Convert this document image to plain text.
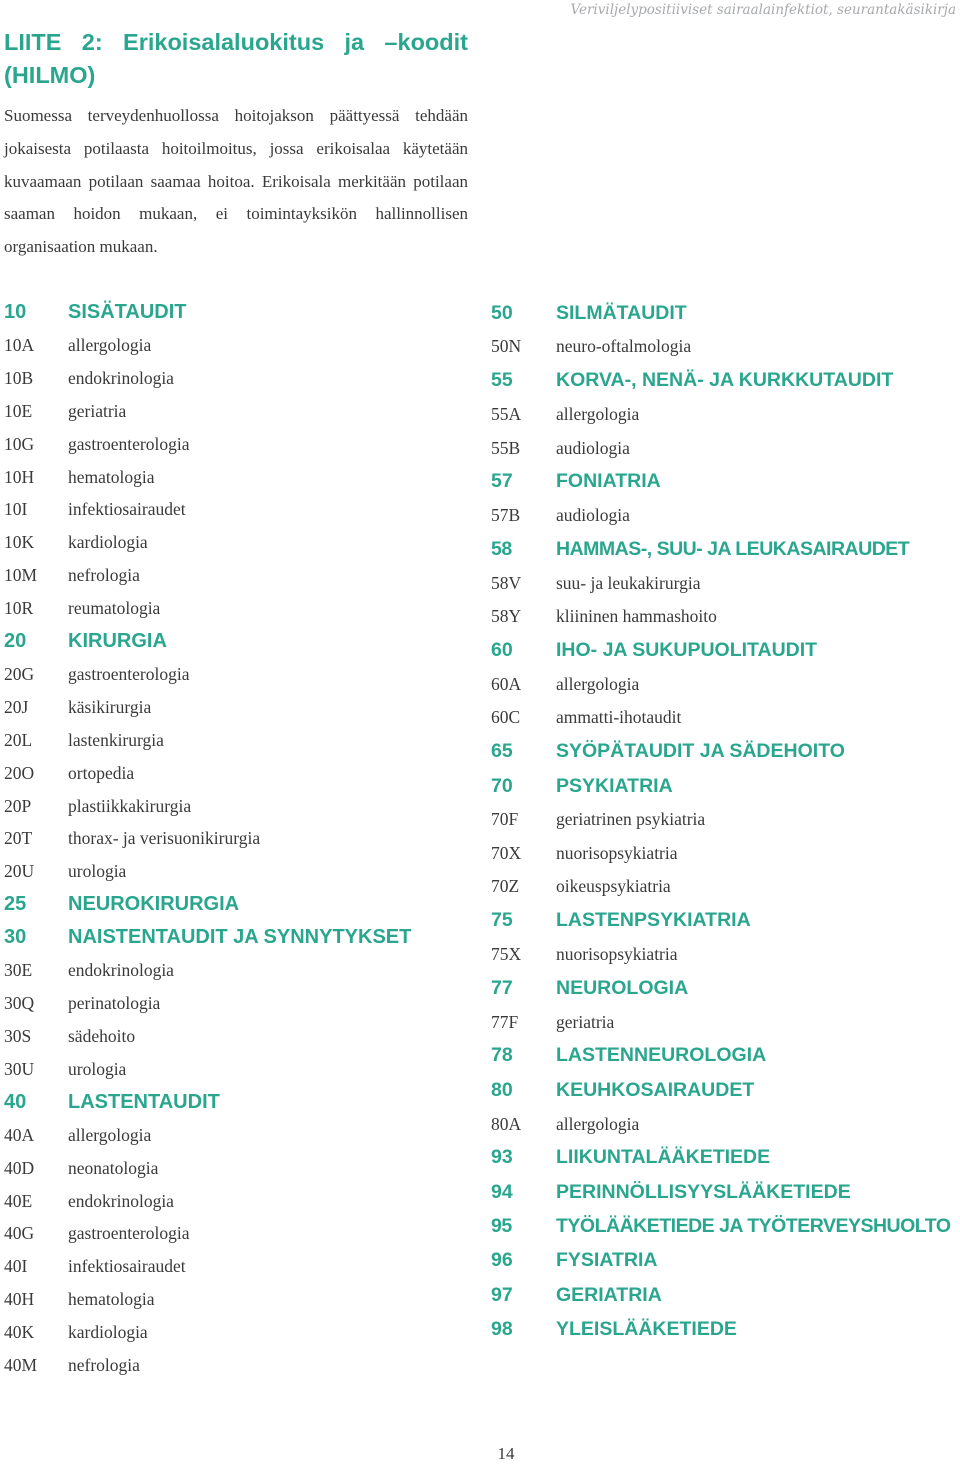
Veriviljelypositiiviset sairaalainfektiot, seurantakäsikirja
LIITE 2: Erikoisalaluokitus ja –koodit (HILMO)

Suomessa terveydenhuollossa hoitojakson päättyessä tehdään jokaisesta potilaasta hoitoilmoitus, jossa erikoisalaa käytetään kuvaamaan potilaan saamaa hoitoa. Erikoisala merkitään potilaan saaman hoidon mukaan, ei toimintayksikön hallinnollisen organisaation mukaan.

10	SISÄTAUDIT
10A	allergologia
10B	endokrinologia
10E	geriatria
10G	gastroenterologia
10H	hematologia
10I	infektiosairaudet
10K	kardiologia
10M	nefrologia
10R	reumatologia
20	KIRURGIA
20G	gastroenterologia
20J	käsikirurgia
20L	lastenkirurgia
20O	ortopedia
20P	plastiikkakirurgia
20T	thorax- ja verisuonikirurgia
20U	urologia
25	NEUROKIRURGIA
30	NAISTENTAUDIT JA SYNNYTYKSET
30E	endokrinologia
30Q	perinatologia
30S	sädehoito
30U	urologia
40	LASTENTAUDIT
40A	allergologia
40D	neonatologia
40E	endokrinologia
40G	gastroenterologia
40I	infektiosairaudet
40H	hematologia
40K	kardiologia
40M	nefrologia
50	SILMÄTAUDIT
50N	neuro-oftalmologia
55	KORVA-, NENÄ- JA KURKKUTAUDIT
55A	allergologia
55B	audiologia
57	FONIATRIA
57B	audiologia
58	HAMMAS-, SUU- JA LEUKASAIRAUDET
58V	suu- ja leukakirurgia
58Y	kliininen hammashoito
60	IHO- JA SUKUPUOLITAUDIT
60A	allergologia
60C	ammatti-ihotaudit
65	SYÖPÄTAUDIT JA SÄDEHOITO
70	PSYKIATRIA
70F	geriatrinen psykiatria
70X	nuorisopsykiatria
70Z	oikeuspsykiatria
75	LASTENPSYKIATRIA
75X	nuorisopsykiatria
77	NEUROLOGIA
77F	geriatria
78	LASTENNEUROLOGIA
80	KEUHKOSAIRAUDET
80A	allergologia
93	LIIKUNTALÄÄKETIEDE
94	PERINNÖLLISYYSLÄÄKETIEDE
95	TYÖLÄÄKETIEDE JA TYÖTERVEYSHUOLTO
96	FYSIATRIA
97	GERIATRIA
98	YLEISLÄÄKETIEDE
14
